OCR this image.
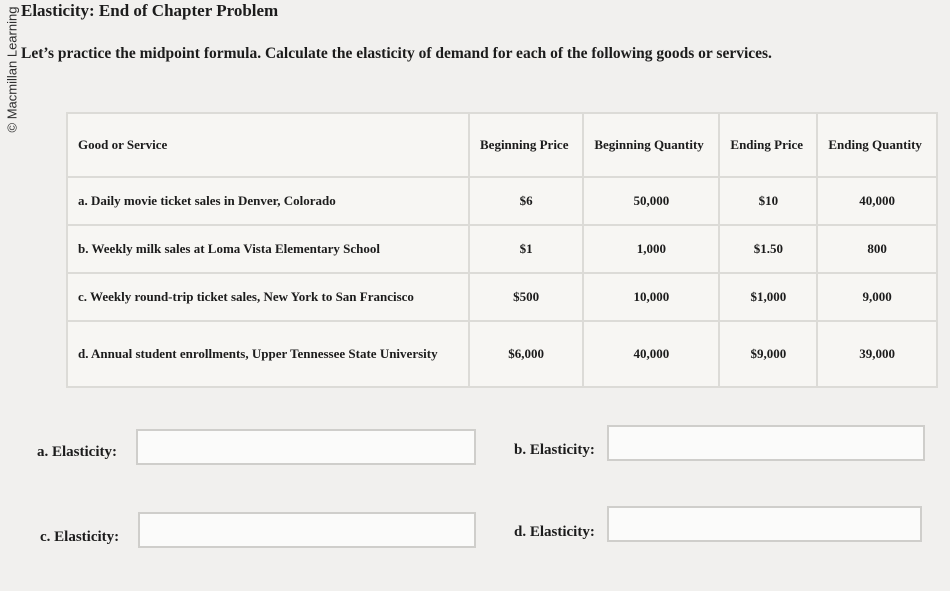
© Macmillan Learning Elasticity: End of Chapter Problem
Let’s practice the midpoint formula. Calculate the elasticity of demand for each of the following goods or services.
Good or Service	Beginning Price	Beginning Quantity	Ending Price	Ending Quantity
a. Daily movie ticket sales in Denver, Colorado	$6	50,000	$10	40,000
b. Weekly milk sales at Loma Vista Elementary School	$1	1,000	$1.50	800
c. Weekly round-trip ticket sales, New York to San Francisco	$500	10,000	$1,000	9,000
d. Annual student enrollments, Upper Tennessee State University	$6,000	40,000	$9,000	39,000
a. Elasticity:	b. Elasticity:
c. Elasticity:	d. Elasticity:
